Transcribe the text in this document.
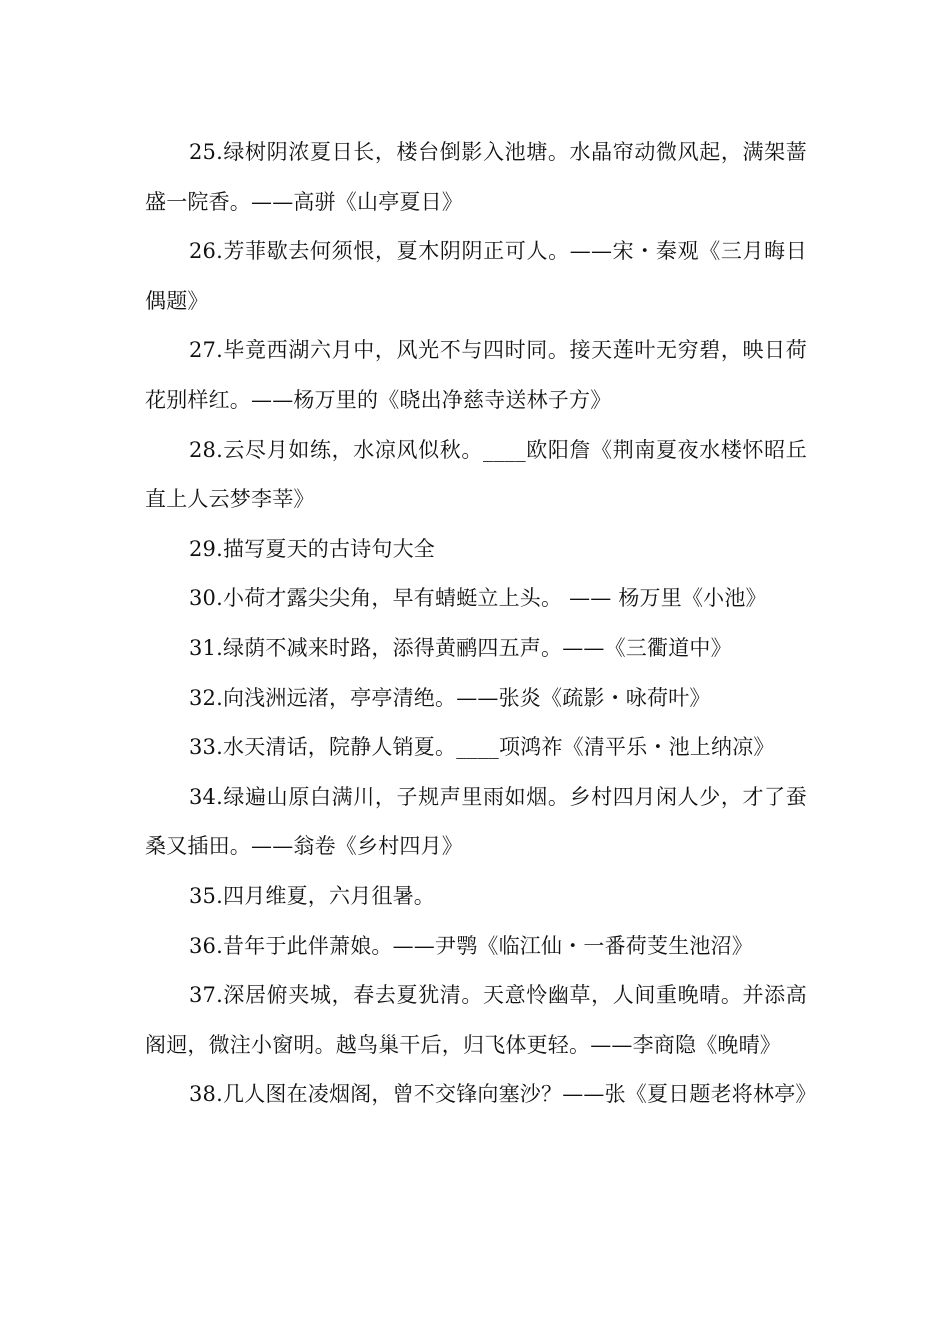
25.绿树阴浓夏日长，楼台倒影入池塘。水晶帘动微风起，满架蔷盛一院香。——高骈《山亭夏日》

26.芳菲歇去何须恨，夏木阴阴正可人。——宋・秦观《三月晦日偶题》

27.毕竟西湖六月中，风光不与四时同。接天莲叶无穷碧，映日荷花别样红。——杨万里的《晓出净慈寺送林子方》

28.云尽月如练，水凉风似秋。____欧阳詹《荆南夏夜水楼怀昭丘直上人云梦李莘》

29.描写夏天的古诗句大全

30.小荷才露尖尖角，早有蜻蜓立上头。 —— 杨万里《小池》

31.绿荫不减来时路，添得黄鹂四五声。——《三衢道中》

32.向浅洲远渚，亭亭清绝。——张炎《疏影・咏荷叶》

33.水天清话，院静人销夏。____项鸿祚《清平乐・池上纳凉》

34.绿遍山原白满川，子规声里雨如烟。乡村四月闲人少，才了蚕桑又插田。——翁卷《乡村四月》

35.四月维夏，六月徂暑。

36.昔年于此伴萧娘。——尹鹗《临江仙・一番荷芰生池沼》

37.深居俯夹城，春去夏犹清。天意怜幽草，人间重晚晴。并添高阁迥，微注小窗明。越鸟巢干后，归飞体更轻。——李商隐《晚晴》

38.几人图在凌烟阁，曾不交锋向塞沙？——张《夏日题老将林亭》
